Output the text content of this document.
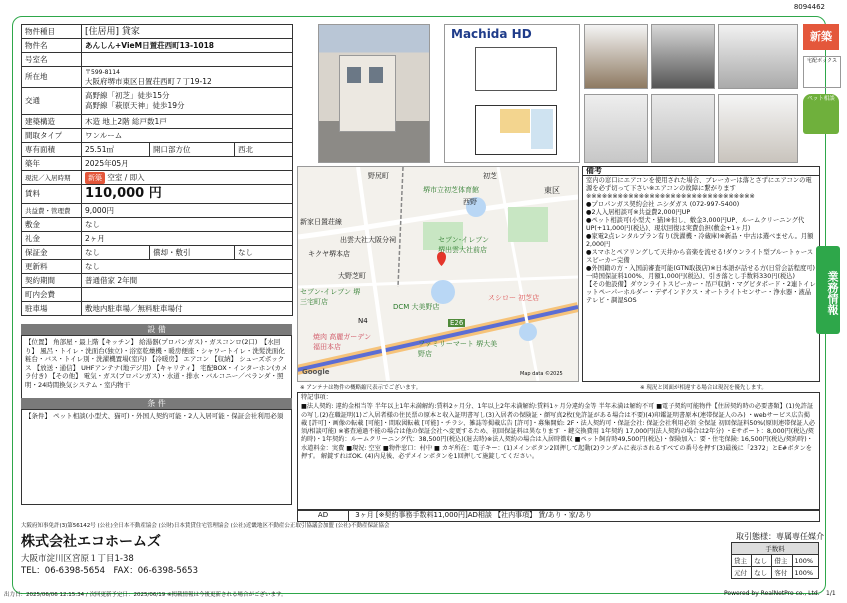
8094462
物件種目	[住居用] 貸家		
物件名	あんしん+VieM日置荘西町13-1018		
号室名			
所在地	〒599-8114
大阪府堺市東区日置荘西町７丁19-12		

交通	高野線「初芝」徒歩15分
高野線「萩原天神」徒歩19分		

建築構造	木造 地上2階 総戸数1戸		
間取タイプ	ワンルーム		
専有面積	25.51㎡	開口部方位	西北
築年	2025年05月		
現況／入居時期	新築 空室 / 即入		
賃料	110,000 円		
共益費・管理費	9,000円		
敷金	なし		
礼金	2ヶ月		
保証金	なし	償却・敷引	なし
更新料	なし		
契約期間	普通借家 2年間		
町内会費			
駐車場	敷地内駐車場／無料駐車場付		
設 備
【位置】 角部屋・最上階【キッチン】 給湯器(プロパンガス)・ガスコンロ(2口)　【水回り】 風呂・トイレ・洗面台(独立)・浴室乾燥機・暖房便座・シャワートイレ・洗髪洗面化粧台・バス・トイレ別・洗濯機置場(室内) 【冷暖房】 エアコン 【収納】 シューズボックス 【放送・通信】 UHFアンテナ(地デジ用) 【キャリティ】 宅配BOX・インターホン(カメラ付き) 【その他】 電気・ガス(プロパンガス)・水道・排水・バルコニー／ベランダ・照明・24時間換気システム・室内物干
条 件
【条件】 ペット相談(小型犬、猫可)・外国人契約可能・2人入居可能・保証会社利用必須
Machida HD	新築
宅配ボックス
ペット相談
野尻町
堺市立初芝体育館
初芝
東区
西野
出雲大社大阪分祠	セブン-イレブン 堺出雲大社前店
キクヤ堺本店
大野芝町
セブン-イレブン 堺三宅町店
DCM 大美野店
スシロー 初芝店
焼肉 高麗ガーデン 福田本店	ファミリーマート 堺大美野店
新家日置荘線
N4	E26
Google	Map data ©2025
※ アンテナは物件の概略縮尺表示でございます。
備考
室内の窓口にエアコンを使用された場合、ブレーカーは落とさずにエアコンの電源を必ず切って下さい※エアコンの故障に繋がります
※※※※※※※※※※※※※※※※※※※※※※※※※※※※※※※※
●プロパンガス契約会社 ニシダガス (072-997-5400)
●2人入居相談可※共益費2,000円UP
●ペット相談可(小型犬・猫)※但し、敷金3,000円UP、ルームクリーニング代UP(+11,000円(税込)、現状回復は実費負担(敷金+1ヶ月)
●家電2点レンタルプラン有り(洗濯機・冷蔵庫)※新品・中古は選べません。月額 2,000円
●スマホとペアリングして天井から音楽を流せる!ダウンライト型ブルートゥーススピーカー完備
●外国籍の方・入国前審査可能(GTN取扱店)※日本語が話せる方(日常会話程度可)一時国保証料100%、月額1,000円(税込)、引き落とし手数料330円(税込)
【その他設備】ダウンライトスピーカー・吊戸収納・マグピタボード・2連トイレットペーパーホルダー・デザインドクス・オートライトセンサー・浄水器・液晶テレビ・調湿SOS
※ 現況と図面が相違する場合は現況を優先します。
業務情報
特記事項：
■法人契約: 違約金相当等 半年以上1年未満解約:賃料2ヶ月分、1年以上2年未満解約:賃料1ヶ月分違約金等 半年未満は解約不可 ■電子契約可能物件【住居契約時の必要書類】(1)免許証の写し(2)在職証明(1)ご入居者様の住民票の原本と収入証明書写し(3)入居者の保険証・顔写真2枚(免許証がある場合は不要)(4)印鑑証明書原本(連帯保証人のみ) ・webサービス広告掲載 [許可]・画像の転載 [可能]・間取図転載 [可能]・チラシ、雑誌等掲載広告 [許可]・募集開始: 2F・法人契約可・保証会社: 保証会社利用必須 全保証 初回保証料50%(原則連帯保証人必須/相談可能) ※審査通過不能の場合は他の保証会社へ変更するため、初回保証料は異なります ・鍵交換費用 1年契約 17,000円(法人契約の場合は2年分) ・Eサポート：8,000円(税込/契約時)・1年契約：ルームクリーニング代：38,500円(税込)(退去時)※法人契約の場合は入居時徴収 ■ペット飼育時49,500円(税込)・保険加入：要・住宅保険: 16,500円(税込/契約時)・水道料金：実費 ■現況: 空室 ■物件窓口：村中 ■ カギ所在：電子キー：(1)メインボタン2回押して起動(2)ランダムに表示されるすべての番号を押す(3)最後に「2372」とE#ボタンを押す。 解錠すればOK. (4)内見後、必ずメインボタンを1回押して施錠してください。
AD	3ヶ月 [※契約事務手数料11,000円]AD相談 【社内事項】 賃/あり・家/あり
大阪府知事免許(3)第56142号 (公社)全日本不動産協会 (公財)日本賃貸住宅管理協会 (公社)近畿地区不動産公正取引協議会加盟 (公社)不動産保証協会
株式会社エコホームズ
大阪市淀川区宮原１丁目1-38
TEL：06-6398-5654　FAX：06-6398-5653
取引態様：専属専任媒介
手数料			
貸主	なし	借主	100%
元付	なし	客付	100%
出力日：2025/06/06 12:15:34 / 次回更新予定日：2025/06/19 ※掲載情報は今後更新される場合がございます。	Powered by RealNetPro co., Ltd. 1/1
